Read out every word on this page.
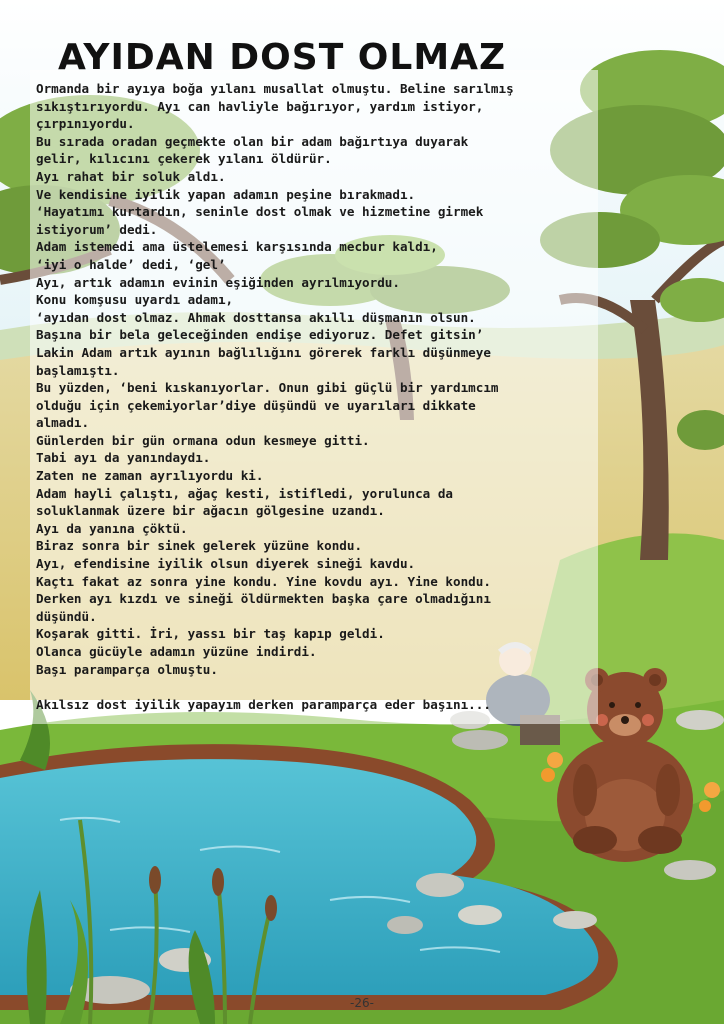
AYIDAN DOST OLMAZ
Ormanda bir ayıya boğa yılanı musallat olmuştu. Beline sarılmış
sıkıştırıyordu. Ayı can havliyle bağırıyor, yardım istiyor,
çırpınıyordu.
Bu sırada oradan geçmekte olan bir adam bağırtıya duyarak
gelir, kılıcını çekerek yılanı öldürür.
Ayı rahat bir soluk aldı.
Ve kendisine iyilik yapan adamın peşine bırakmadı.
‘Hayatımı kurtardın, seninle dost olmak ve hizmetine girmek
istiyorum’ dedi.
Adam istemedi ama üstelemesi karşısında mecbur kaldı,
‘iyi o halde’ dedi, ‘gel’
Ayı, artık adamın evinin eşiğinden ayrılmıyordu.
Konu komşusu uyardı adamı,
‘ayıdan dost olmaz. Ahmak dosttansa akıllı düşmanın olsun.
Başına bir bela geleceğinden endişe ediyoruz. Defet gitsin’
Lakin Adam artık ayının bağlılığını görerek farklı düşünmeye
başlamıştı.
Bu yüzden, ‘beni kıskanıyorlar. Onun gibi güçlü bir yardımcım
olduğu için çekemiyorlar’diye düşündü ve uyarıları dikkate
almadı.
Günlerden bir gün ormana odun kesmeye gitti.
Tabi ayı da yanındaydı.
Zaten ne zaman ayrılıyordu ki.
Adam hayli çalıştı, ağaç kesti, istifledi, yorulunca da
soluklanmak üzere bir ağacın gölgesine uzandı.
Ayı da yanına çöktü.
Biraz sonra bir sinek gelerek yüzüne kondu.
Ayı, efendisine iyilik olsun diyerek sineği kavdu.
Kaçtı fakat az sonra yine kondu. Yine kovdu ayı. Yine kondu.
Derken ayı kızdı ve sineği öldürmekten başka çare olmadığını
düşündü.
Koşarak gitti. İri, yassı bir taş kapıp geldi.
Olanca gücüyle adamın yüzüne indirdi.
Başı paramparça olmuştu.
Akılsız dost iyilik yapayım derken paramparça eder başını...
-26-
